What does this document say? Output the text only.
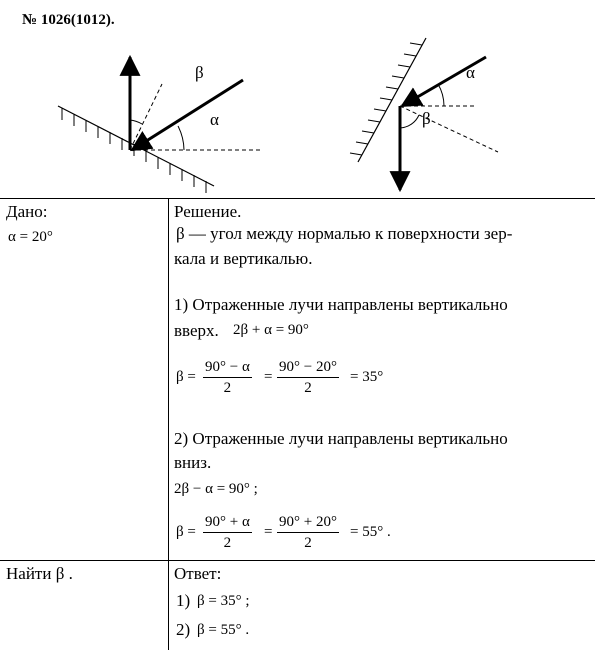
№ 1026(1012).
α
β	α
β
Дано:
α = 20°
Найти β .
Решение.
β — угол между нормалью к поверхности зер-
кала и вертикалью.
1) Отраженные лучи направлены вертикально
вверх. 2β + α = 90°
$\beta = \frac{90^\circ - \alpha}{2} = \frac{90^\circ - 20^\circ}{2} = 35^\circ$
2) Отраженные лучи направлены вертикально
вниз.
2β − α = 90° ;
$\beta = \frac{90^\circ + \alpha}{2} = \frac{90^\circ + 20^\circ}{2} = 55^\circ$ .
Ответ:
1) β = 35° ;
2) β = 55° .
